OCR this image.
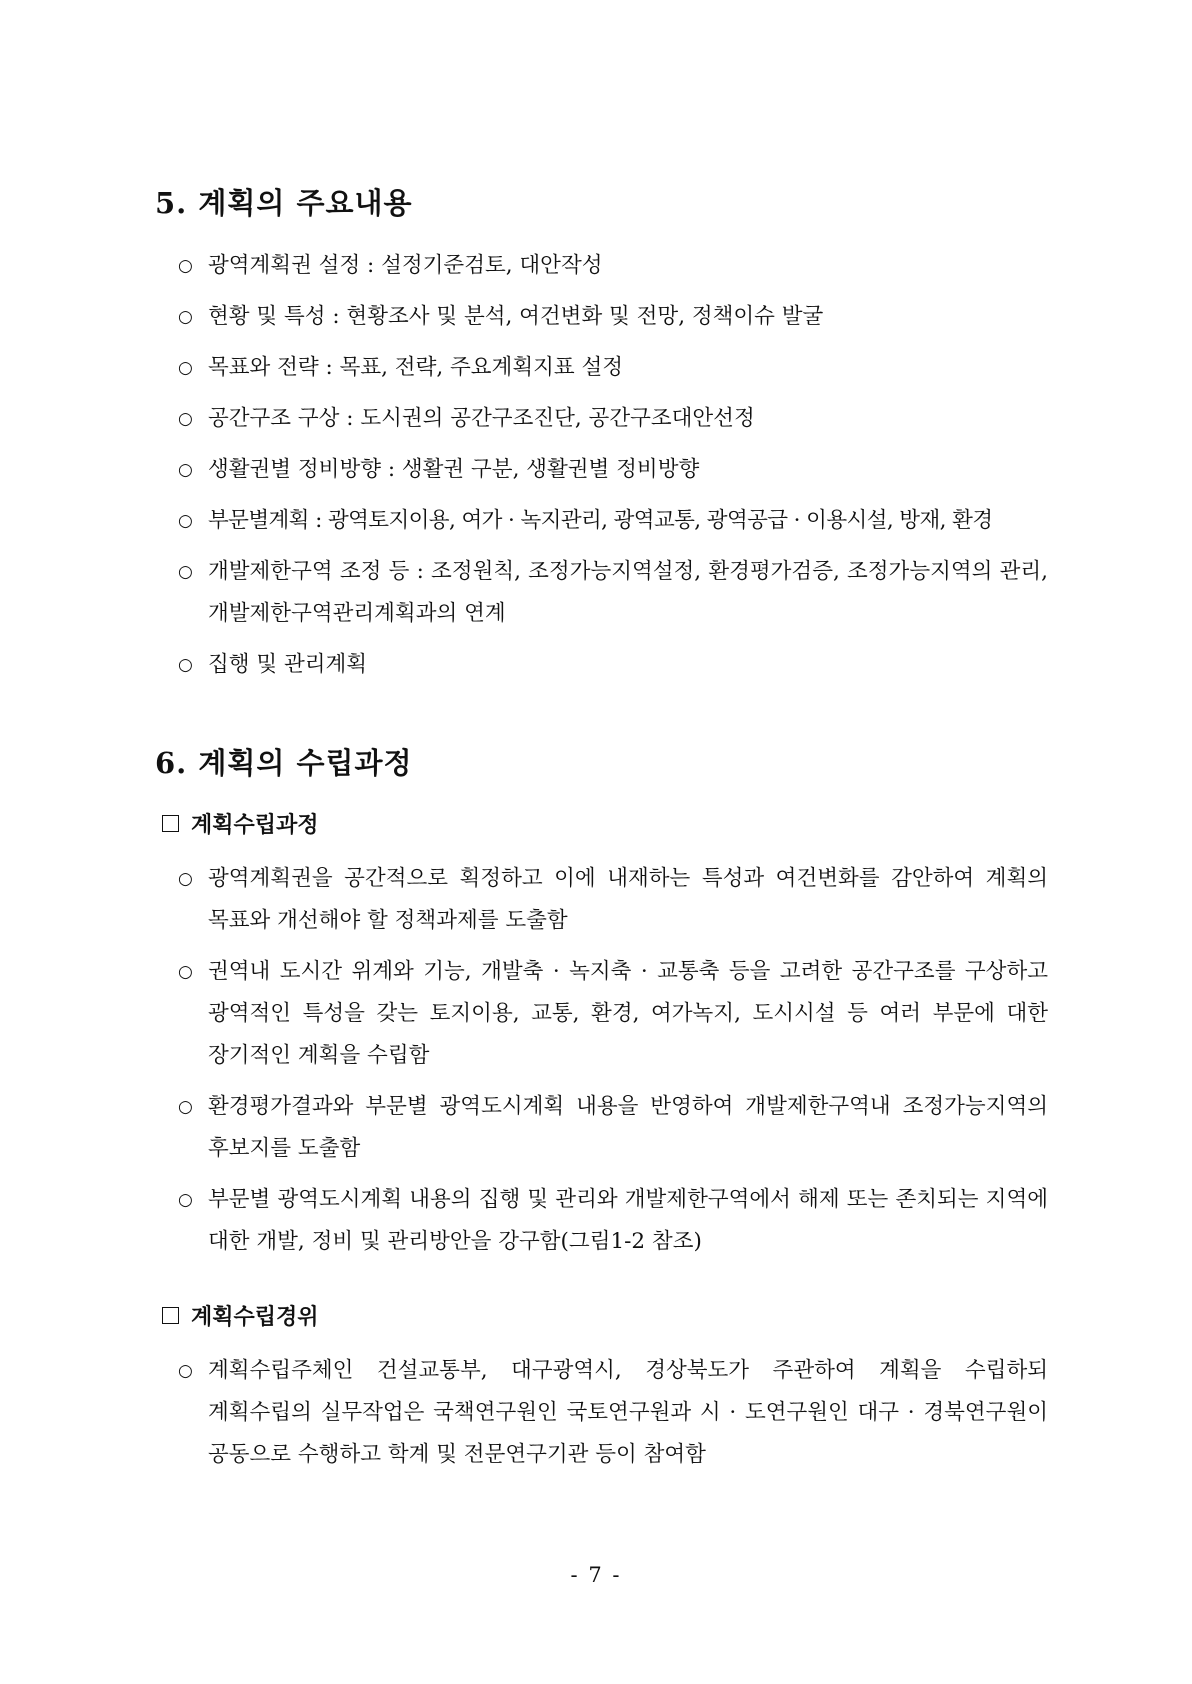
5. 계획의 주요내용
○ 광역계획권 설정 : 설정기준검토, 대안작성
○ 현황 및 특성 : 현황조사 및 분석, 여건변화 및 전망, 정책이슈 발굴
○ 목표와 전략 : 목표, 전략, 주요계획지표 설정
○ 공간구조 구상 : 도시권의 공간구조진단, 공간구조대안선정
○ 생활권별 정비방향 : 생활권 구분, 생활권별 정비방향
○ 부문별계획 : 광역토지이용, 여가 · 녹지관리, 광역교통, 광역공급 · 이용시설, 방재, 환경
○ 개발제한구역 조정 등 : 조정원칙, 조정가능지역설정, 환경평가검증, 조정가능지역의 관리, 개발제한구역관리계획과의 연계
○ 집행 및 관리계획
6. 계획의 수립과정
계획수립과정
○ 광역계획권을 공간적으로 획정하고 이에 내재하는 특성과 여건변화를 감안하여 계획의 목표와 개선해야 할 정책과제를 도출함
○ 권역내 도시간 위계와 기능, 개발축 · 녹지축 · 교통축 등을 고려한 공간구조를 구상하고 광역적인 특성을 갖는 토지이용, 교통, 환경, 여가녹지, 도시시설 등 여러 부문에 대한 장기적인 계획을 수립함
○ 환경평가결과와 부문별 광역도시계획 내용을 반영하여 개발제한구역내 조정가능지역의 후보지를 도출함
○ 부문별 광역도시계획 내용의 집행 및 관리와 개발제한구역에서 해제 또는 존치되는 지역에 대한 개발, 정비 및 관리방안을 강구함(그림1-2 참조)
계획수립경위
○ 계획수립주체인 건설교통부, 대구광역시, 경상북도가 주관하여 계획을 수립하되 계획수립의 실무작업은 국책연구원인 국토연구원과 시 · 도연구원인 대구 · 경북연구원이 공동으로 수행하고 학계 및 전문연구기관 등이 참여함
- 7 -
